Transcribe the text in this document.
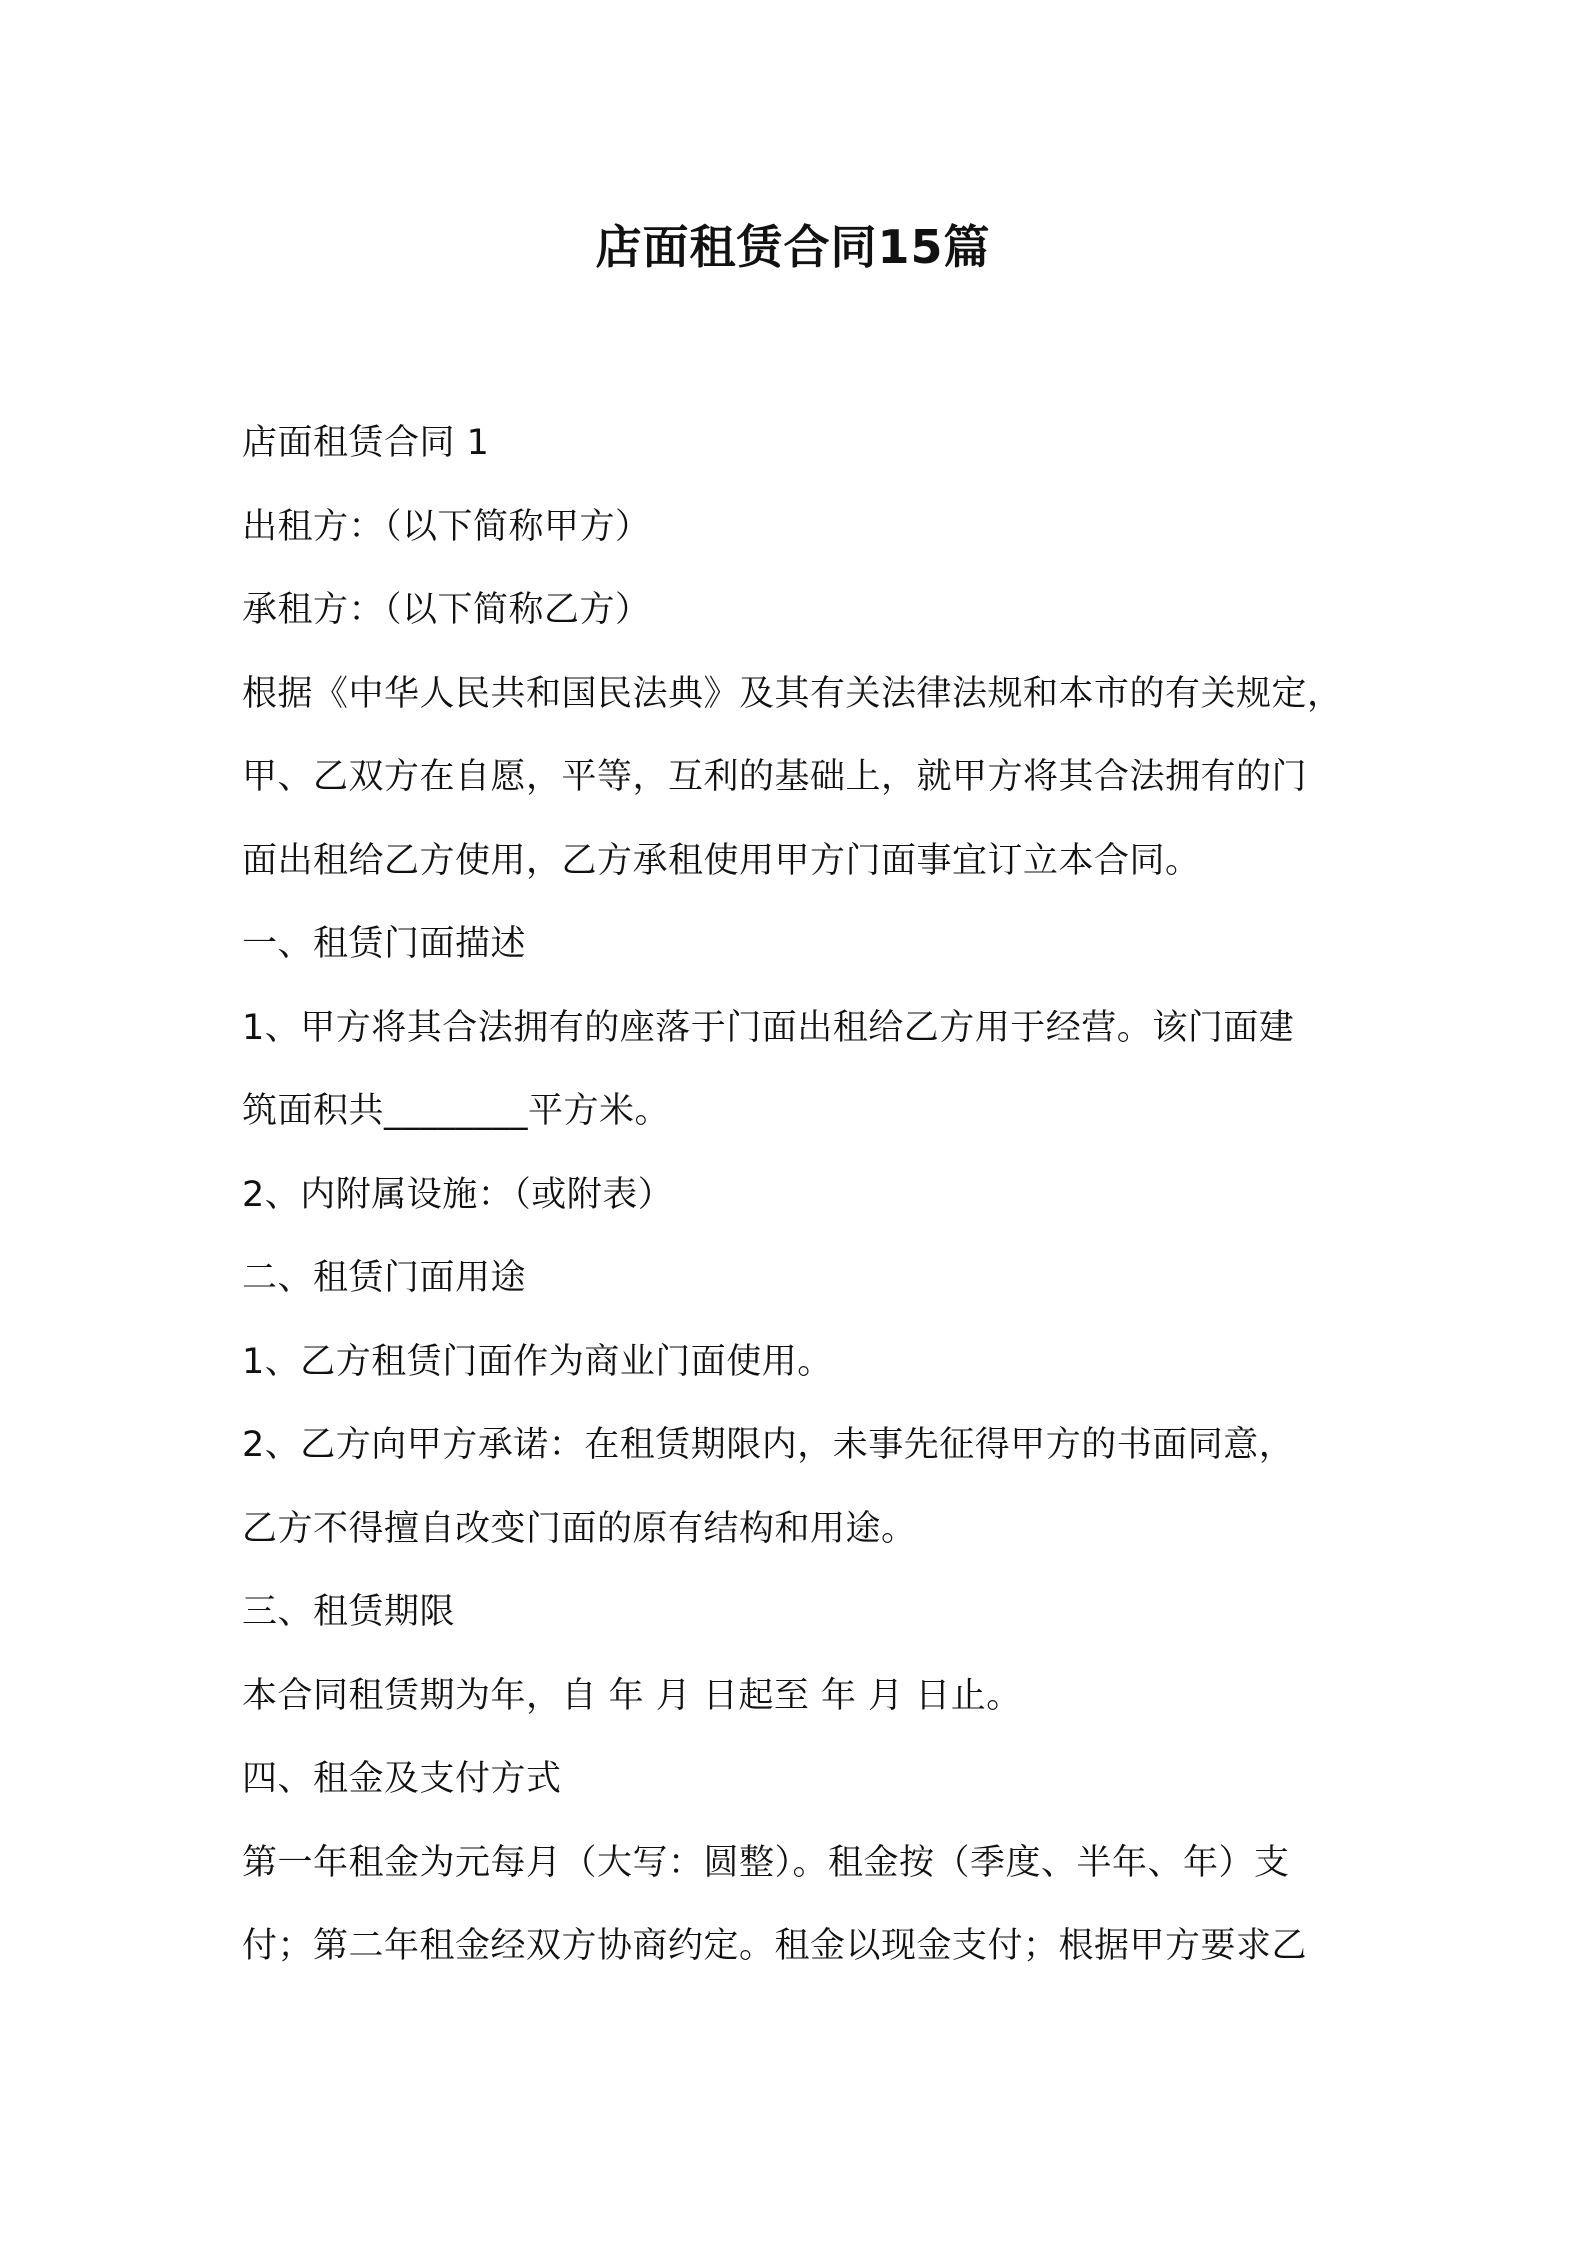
店面租赁合同15篇

店面租赁合同 1

出租方：（以下简称甲方）

承租方：（以下简称乙方）

根据《中华人民共和国民法典》及其有关法律法规和本市的有关规定，

甲、乙双方在自愿，平等，互利的基础上，就甲方将其合法拥有的门

面出租给乙方使用，乙方承租使用甲方门面事宜订立本合同。

一、租赁门面描述

1、甲方将其合法拥有的座落于门面出租给乙方用于经营。该门面建

筑面积共________平方米。

2、内附属设施：（或附表）

二、租赁门面用途

1、乙方租赁门面作为商业门面使用。

2、乙方向甲方承诺：在租赁期限内，未事先征得甲方的书面同意，

乙方不得擅自改变门面的原有结构和用途。

三、租赁期限

本合同租赁期为年，自 年 月 日起至 年 月 日止。

四、租金及支付方式

第一年租金为元每月（大写：圆整）。租金按（季度、半年、年）支

付；第二年租金经双方协商约定。租金以现金支付；根据甲方要求乙
